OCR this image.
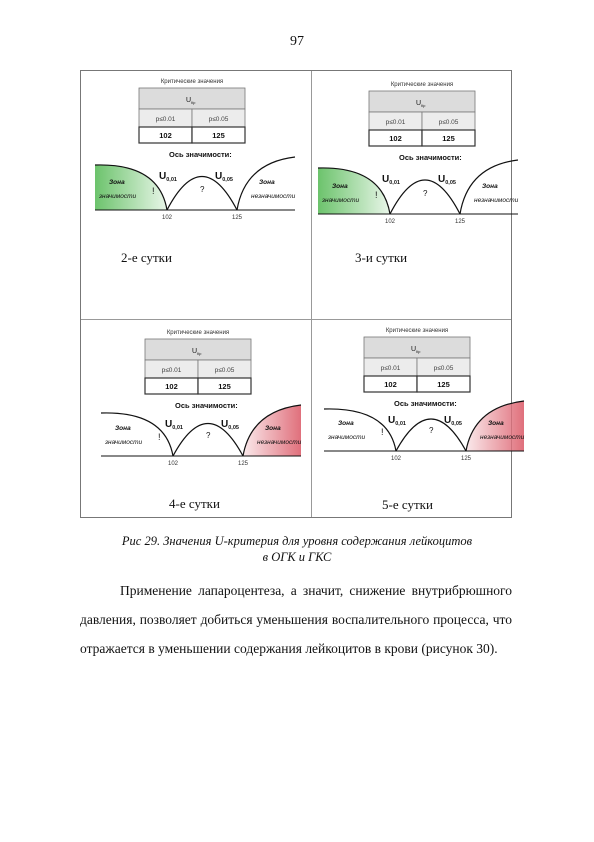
97
Критические значения
$U_{Кр}$
p≤0.01	p≤0.05
102	125
Ось значимости:
$U_{0,01}$	$U_{0,05}$
Зона
значимости
Зона
незначимости
!	?
102	125
2-е сутки
Критические значения
$U_{Кр}$
p≤0.01	p≤0.05
102	125
Ось значимости:
$U_{0,01}$	$U_{0,05}$
Зона
значимости
Зона
незначимости
!	?
102	125
3-и сутки
Критические значения
$U_{Кр}$
p≤0.01	p≤0.05
102	125
Ось значимости:
$U_{0,01}$	$U_{0,05}$
Зона
значимости
Зона
незначимости
!	?
102	125
4-е сутки
Критические значения
$U_{Кр}$
p≤0.01	p≤0.05
102	125
Ось значимости:
$U_{0,01}$	$U_{0,05}$
Зона
значимости
Зона
незначимости
!	?
102	125
5-е сутки
Рис 29. Значения U-критерия для уровня содержания лейкоцитов
в ОГК и ГКС
Применение лапароцентеза, а значит, снижение внутрибрюшного давления, позволяет добиться уменьшения воспалительного процесса, что отражается в уменьшении содержания лейкоцитов в крови (рисунок 30).
